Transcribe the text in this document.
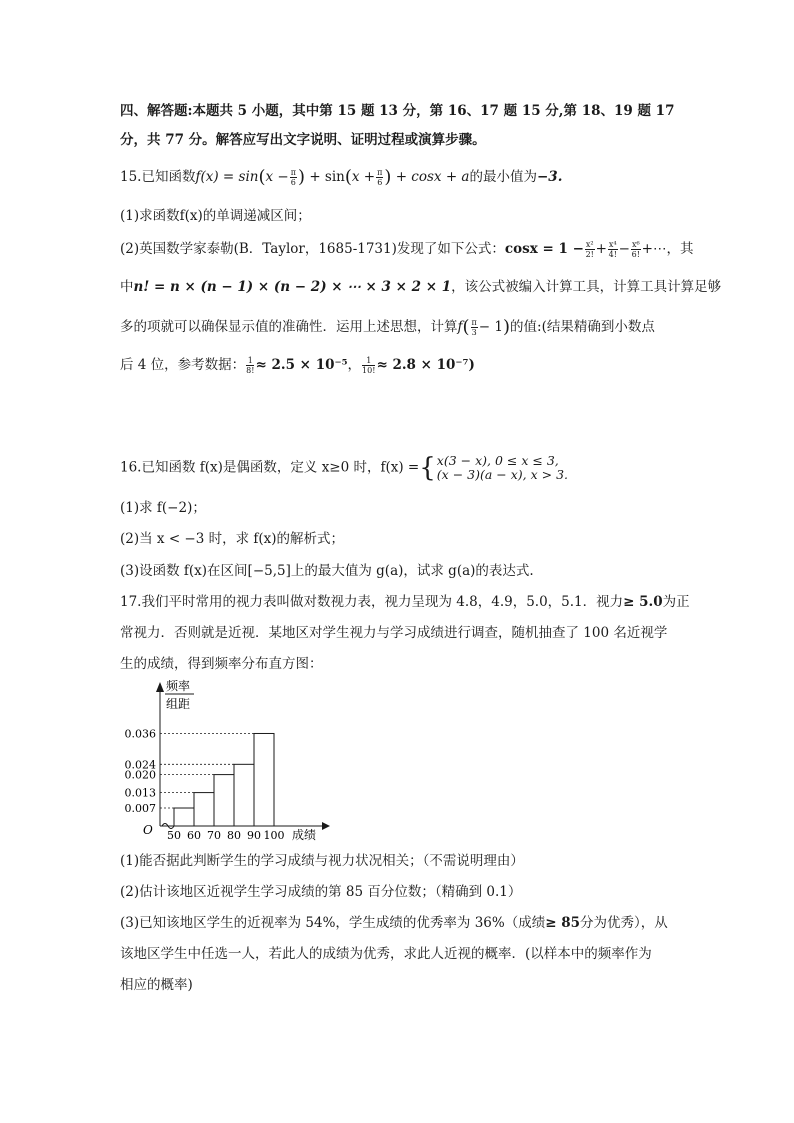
四、解答题:本题共 5 小题，其中第 15 题 13 分，第 16、17 题 15 分,第 18、19 题 17
分，共 77 分。解答应写出文字说明、证明过程或演算步骤。
15.已知函数$f(x) = \sin(x - \frac{\pi}{6}$ ) + $\sin(x + \frac{\pi}{6}$ ) + cosx + a的最小值为−3.
(1)求函数f(x)的单调递减区间；
(2)英国数学家泰勒(B．Taylor，1685-1731)发现了如下公式：$\cos x = 1 - \frac{\text{x²}}{2!} + \frac{\text{x⁴}}{4!} - \frac{\text{x⁶}}{6!}$ +⋯，其
中n! = n × (n − 1) × (n − 2) × ⋯ × 3 × 2 × 1，该公式被编入计算工具，计算工具计算足够
多的项就可以确保显示值的准确性．运用上述思想，计算$f( \frac{\pi}{3} - 1)$的值:(结果精确到小数点
后 4 位，参考数据： $\frac{1}{8!} \approx 2.5 \times 10^{-5}$， $\frac{1}{10!} \approx 2.8 \times 10^{-7}$)
16.已知函数 f(x)是偶函数，定义 x≥0 时，f(x) ={x(3 − x), 0 ≤ x ≤ 3,
(x − 3)(a − x), x > 3.
(1)求 f(−2)；
(2)当 x < −3 时，求 f(x)的解析式；
(3)设函数 f(x)在区间[−5,5]上的最大值为 g(a)，试求 g(a)的表达式.
17.我们平时常用的视力表叫做对数视力表，视力呈现为 4.8，4.9，5.0，5.1．视力≥ 5.0为正
常视力．否则就是近视．某地区对学生视力与学习成绩进行调查，随机抽查了 100 名近视学
生的成绩，得到频率分布直方图：
O
频率
组距
0.036
0.024
0.020
0.013
0.007
50 60 70 80 90 100 成绩
(1)能否据此判断学生的学习成绩与视力状况相关；（不需说明理由）
(2)估计该地区近视学生学习成绩的第 85 百分位数；（精确到 0.1）
(3)已知该地区学生的近视率为 54%，学生成绩的优秀率为 36%（成绩≥ 85分为优秀），从
该地区学生中任选一人，若此人的成绩为优秀，求此人近视的概率．(以样本中的频率作为
相应的概率)
